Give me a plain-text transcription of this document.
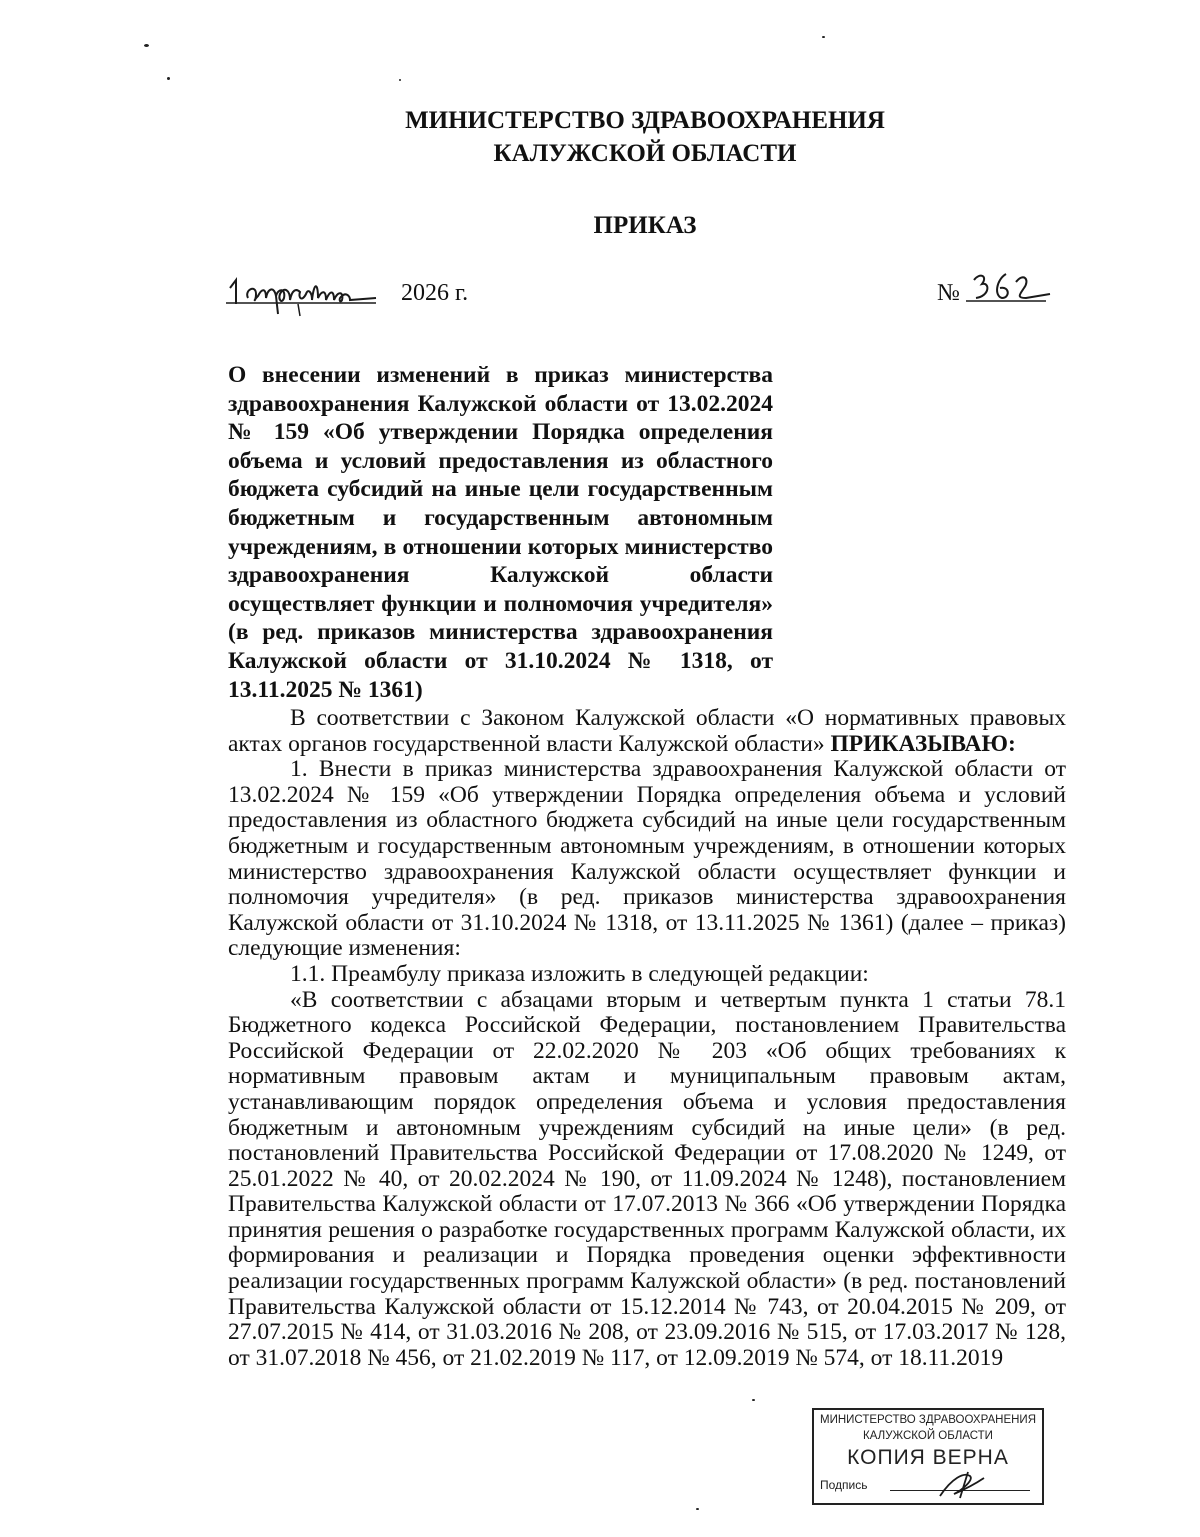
МИНИСТЕРСТВО ЗДРАВООХРАНЕНИЯ
КАЛУЖСКОЙ ОБЛАСТИ
ПРИКАЗ
2026 г.	№

О внесении изменений в приказ министерства здравоохранения Калужской области от 13.02.2024 № 159 «Об утверждении Порядка определения объема и условий предоставления из областного бюджета субсидий на иные цели государственным бюджетным и государственным автономным учреждениям, в отношении которых министерство здравоохранения Калужской области осуществляет функции и полномочия учредителя» (в ред. приказов министерства здравоохранения Калужской области от 31.10.2024 № 1318, от 13.11.2025 № 1361)

В соответствии с Законом Калужской области «О нормативных правовых актах органов государственной власти Калужской области» ПРИКАЗЫВАЮ:

1. Внести в приказ министерства здравоохранения Калужской области от 13.02.2024 № 159 «Об утверждении Порядка определения объема и условий предоставления из областного бюджета субсидий на иные цели государственным бюджетным и государственным автономным учреждениям, в отношении которых министерство здравоохранения Калужской области осуществляет функции и полномочия учредителя» (в ред. приказов министерства здравоохранения Калужской области от 31.10.2024 № 1318, от 13.11.2025 № 1361) (далее – приказ) следующие изменения:

1.1. Преамбулу приказа изложить в следующей редакции:

«В соответствии с абзацами вторым и четвертым пункта 1 статьи 78.1 Бюджетного кодекса Российской Федерации, постановлением Правительства Российской Федерации от 22.02.2020 № 203 «Об общих требованиях к нормативным правовым актам и муниципальным правовым актам, устанавливающим порядок определения объема и условия предоставления бюджетным и автономным учреждениям субсидий на иные цели» (в ред. постановлений Правительства Российской Федерации от 17.08.2020 № 1249, от 25.01.2022 № 40, от 20.02.2024 № 190, от 11.09.2024 № 1248), постановлением Правительства Калужской области от 17.07.2013 № 366 «Об утверждении Порядка принятия решения о разработке государственных программ Калужской области, их формирования и реализации и Порядка проведения оценки эффективности реализации государственных программ Калужской области» (в ред. постановлений Правительства Калужской области от 15.12.2014 № 743, от 20.04.2015 № 209, от 27.07.2015 № 414, от 31.03.2016 № 208, от 23.09.2016 № 515, от 17.03.2017 № 128, от 31.07.2018 № 456, от 21.02.2019 № 117, от 12.09.2019 № 574, от 18.11.2019

МИНИСТЕРСТВО ЗДРАВООХРАНЕНИЯ
КАЛУЖСКОЙ ОБЛАСТИ
КОПИЯ ВЕРНА
Подпись
